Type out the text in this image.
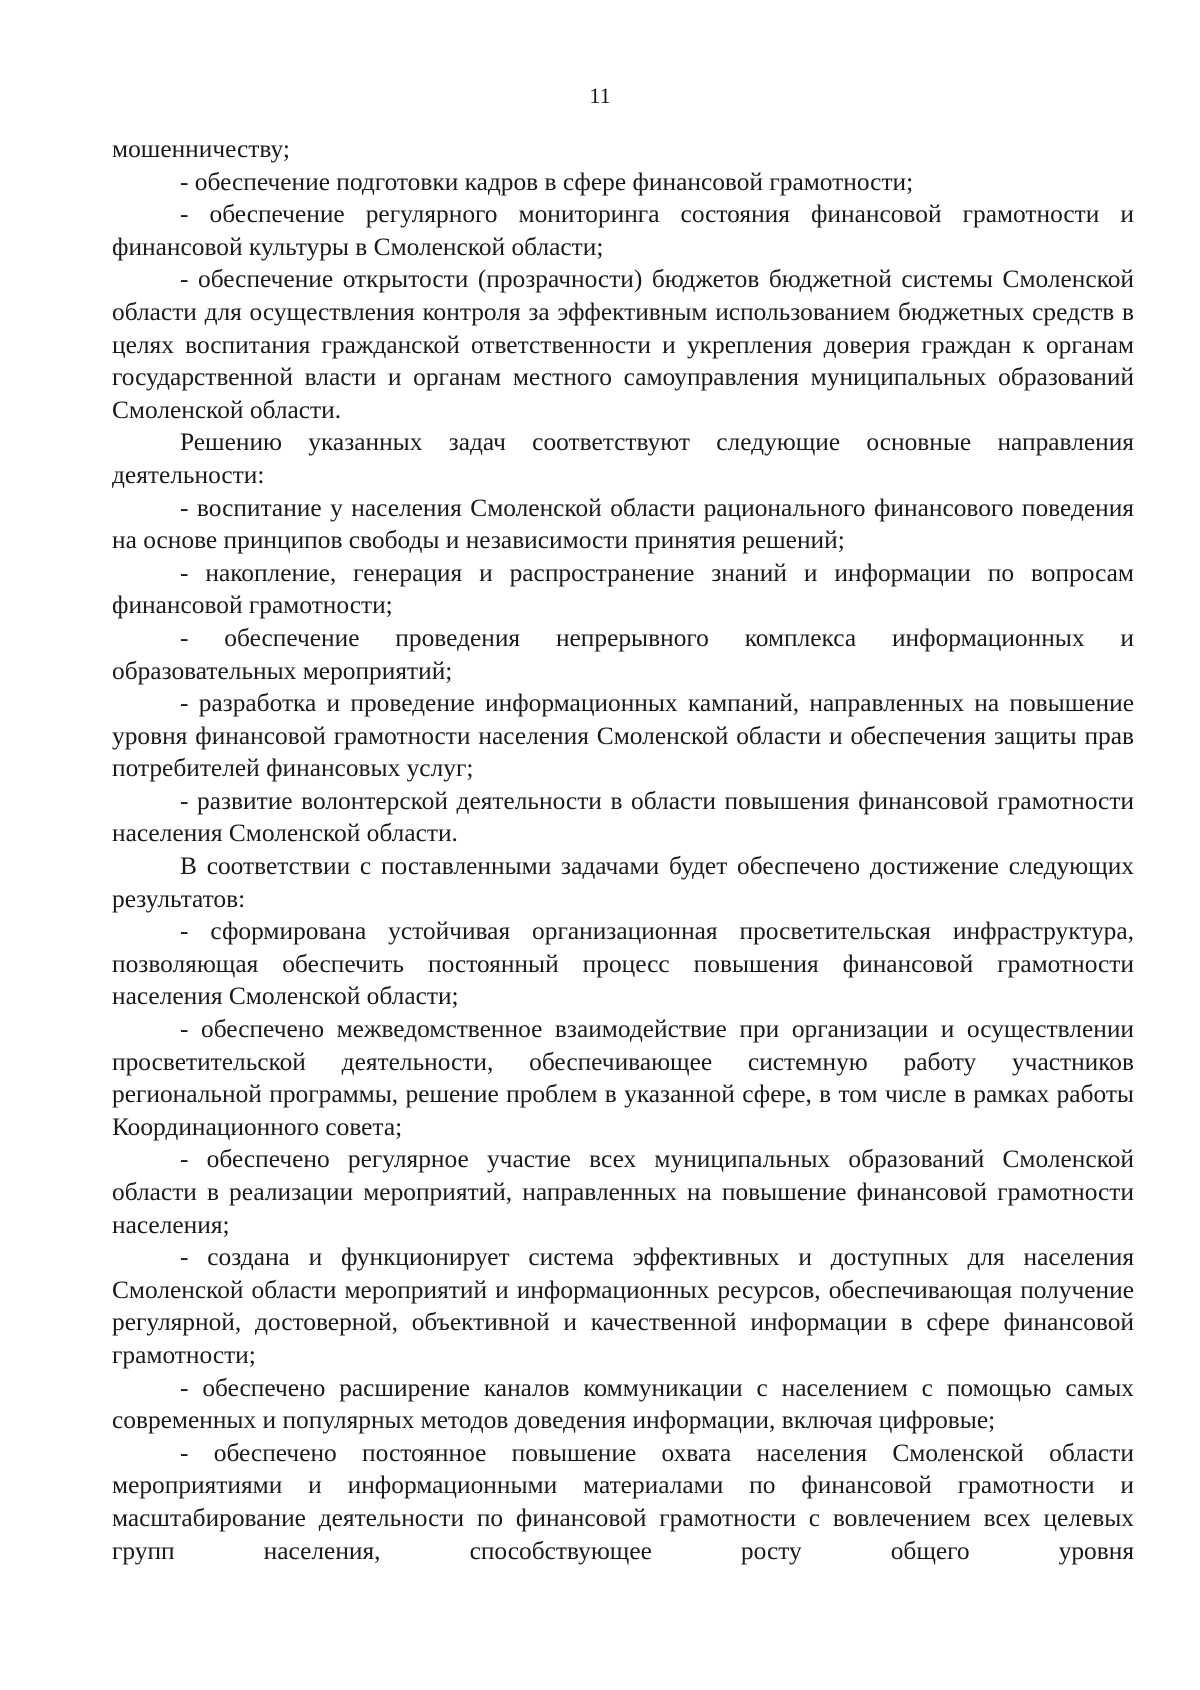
11

мошенничеству;

- обеспечение подготовки кадров в сфере финансовой грамотности;

- обеспечение регулярного мониторинга состояния финансовой грамотности и финансовой культуры в Смоленской области;

- обеспечение открытости (прозрачности) бюджетов бюджетной системы Смоленской области для осуществления контроля за эффективным использованием бюджетных средств в целях воспитания гражданской ответственности и укрепления доверия граждан к органам государственной власти и органам местного самоуправления муниципальных образований Смоленской области.

Решению указанных задач соответствуют следующие основные направления деятельности:

- воспитание у населения Смоленской области рационального финансового поведения на основе принципов свободы и независимости принятия решений;

- накопление, генерация и распространение знаний и информации по вопросам финансовой грамотности;

- обеспечение проведения непрерывного комплекса информационных и образовательных мероприятий;

- разработка и проведение информационных кампаний, направленных на повышение уровня финансовой грамотности населения Смоленской области и обеспечения защиты прав потребителей финансовых услуг;

- развитие волонтерской деятельности в области повышения финансовой грамотности населения Смоленской области.

В соответствии с поставленными задачами будет обеспечено достижение следующих результатов:

- сформирована устойчивая организационная просветительская инфраструктура, позволяющая обеспечить постоянный процесс повышения финансовой грамотности населения Смоленской области;

- обеспечено межведомственное взаимодействие при организации и осуществлении просветительской деятельности, обеспечивающее системную работу участников региональной программы, решение проблем в указанной сфере, в том числе в рамках работы Координационного совета;

- обеспечено регулярное участие всех муниципальных образований Смоленской области в реализации мероприятий, направленных на повышение финансовой грамотности населения;

- создана и функционирует система эффективных и доступных для населения Смоленской области мероприятий и информационных ресурсов, обеспечивающая получение регулярной, достоверной, объективной и качественной информации в сфере финансовой грамотности;

- обеспечено расширение каналов коммуникации с населением с помощью самых современных и популярных методов доведения информации, включая цифровые;

- обеспечено постоянное повышение охвата населения Смоленской области мероприятиями и информационными материалами по финансовой грамотности и масштабирование деятельности по финансовой грамотности с вовлечением всех целевых групп населения, способствующее росту общего уровня
